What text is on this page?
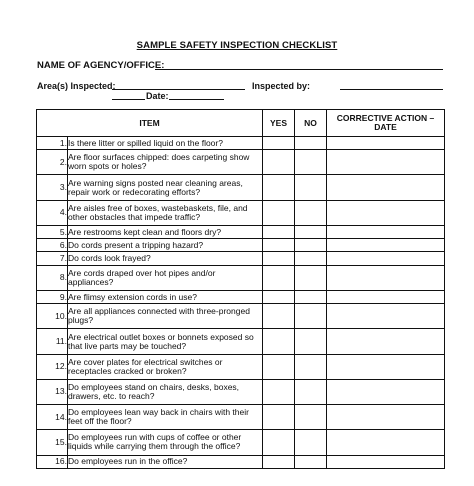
SAMPLE SAFETY INSPECTION CHECKLIST
NAME OF AGENCY/OFFICE:
Area(s) Inspected:	Inspected by:
Date:
ITEM		YES	NO	CORRECTIVE ACTION – DATE
1.	Is there litter or spilled liquid on the floor?			
2.	Are floor surfaces chipped: does carpeting show worn spots or holes?			
3.	Are warning signs posted near cleaning areas, repair work or redecorating efforts?			
4.	Are aisles free of boxes, wastebaskets, file, and other obstacles that impede traffic?			
5.	Are restrooms kept clean and floors dry?			
6.	Do cords present a tripping hazard?			
7.	Do cords look frayed?			
8.	Are cords draped over hot pipes and/or appliances?			
9.	Are flimsy extension cords in use?			
10.	Are all appliances connected with three-pronged plugs?			
11.	Are electrical outlet boxes or bonnets exposed so that live parts may be touched?			
12.	Are cover plates for electrical switches or receptacles cracked or broken?			
13.	Do employees stand on chairs, desks, boxes, drawers, etc. to reach?			
14.	Do employees lean way back in chairs with their feet off the floor?			
15.	Do employees run with cups of coffee or other liquids while carrying them through the office?			
16.	Do employees run in the office?			
